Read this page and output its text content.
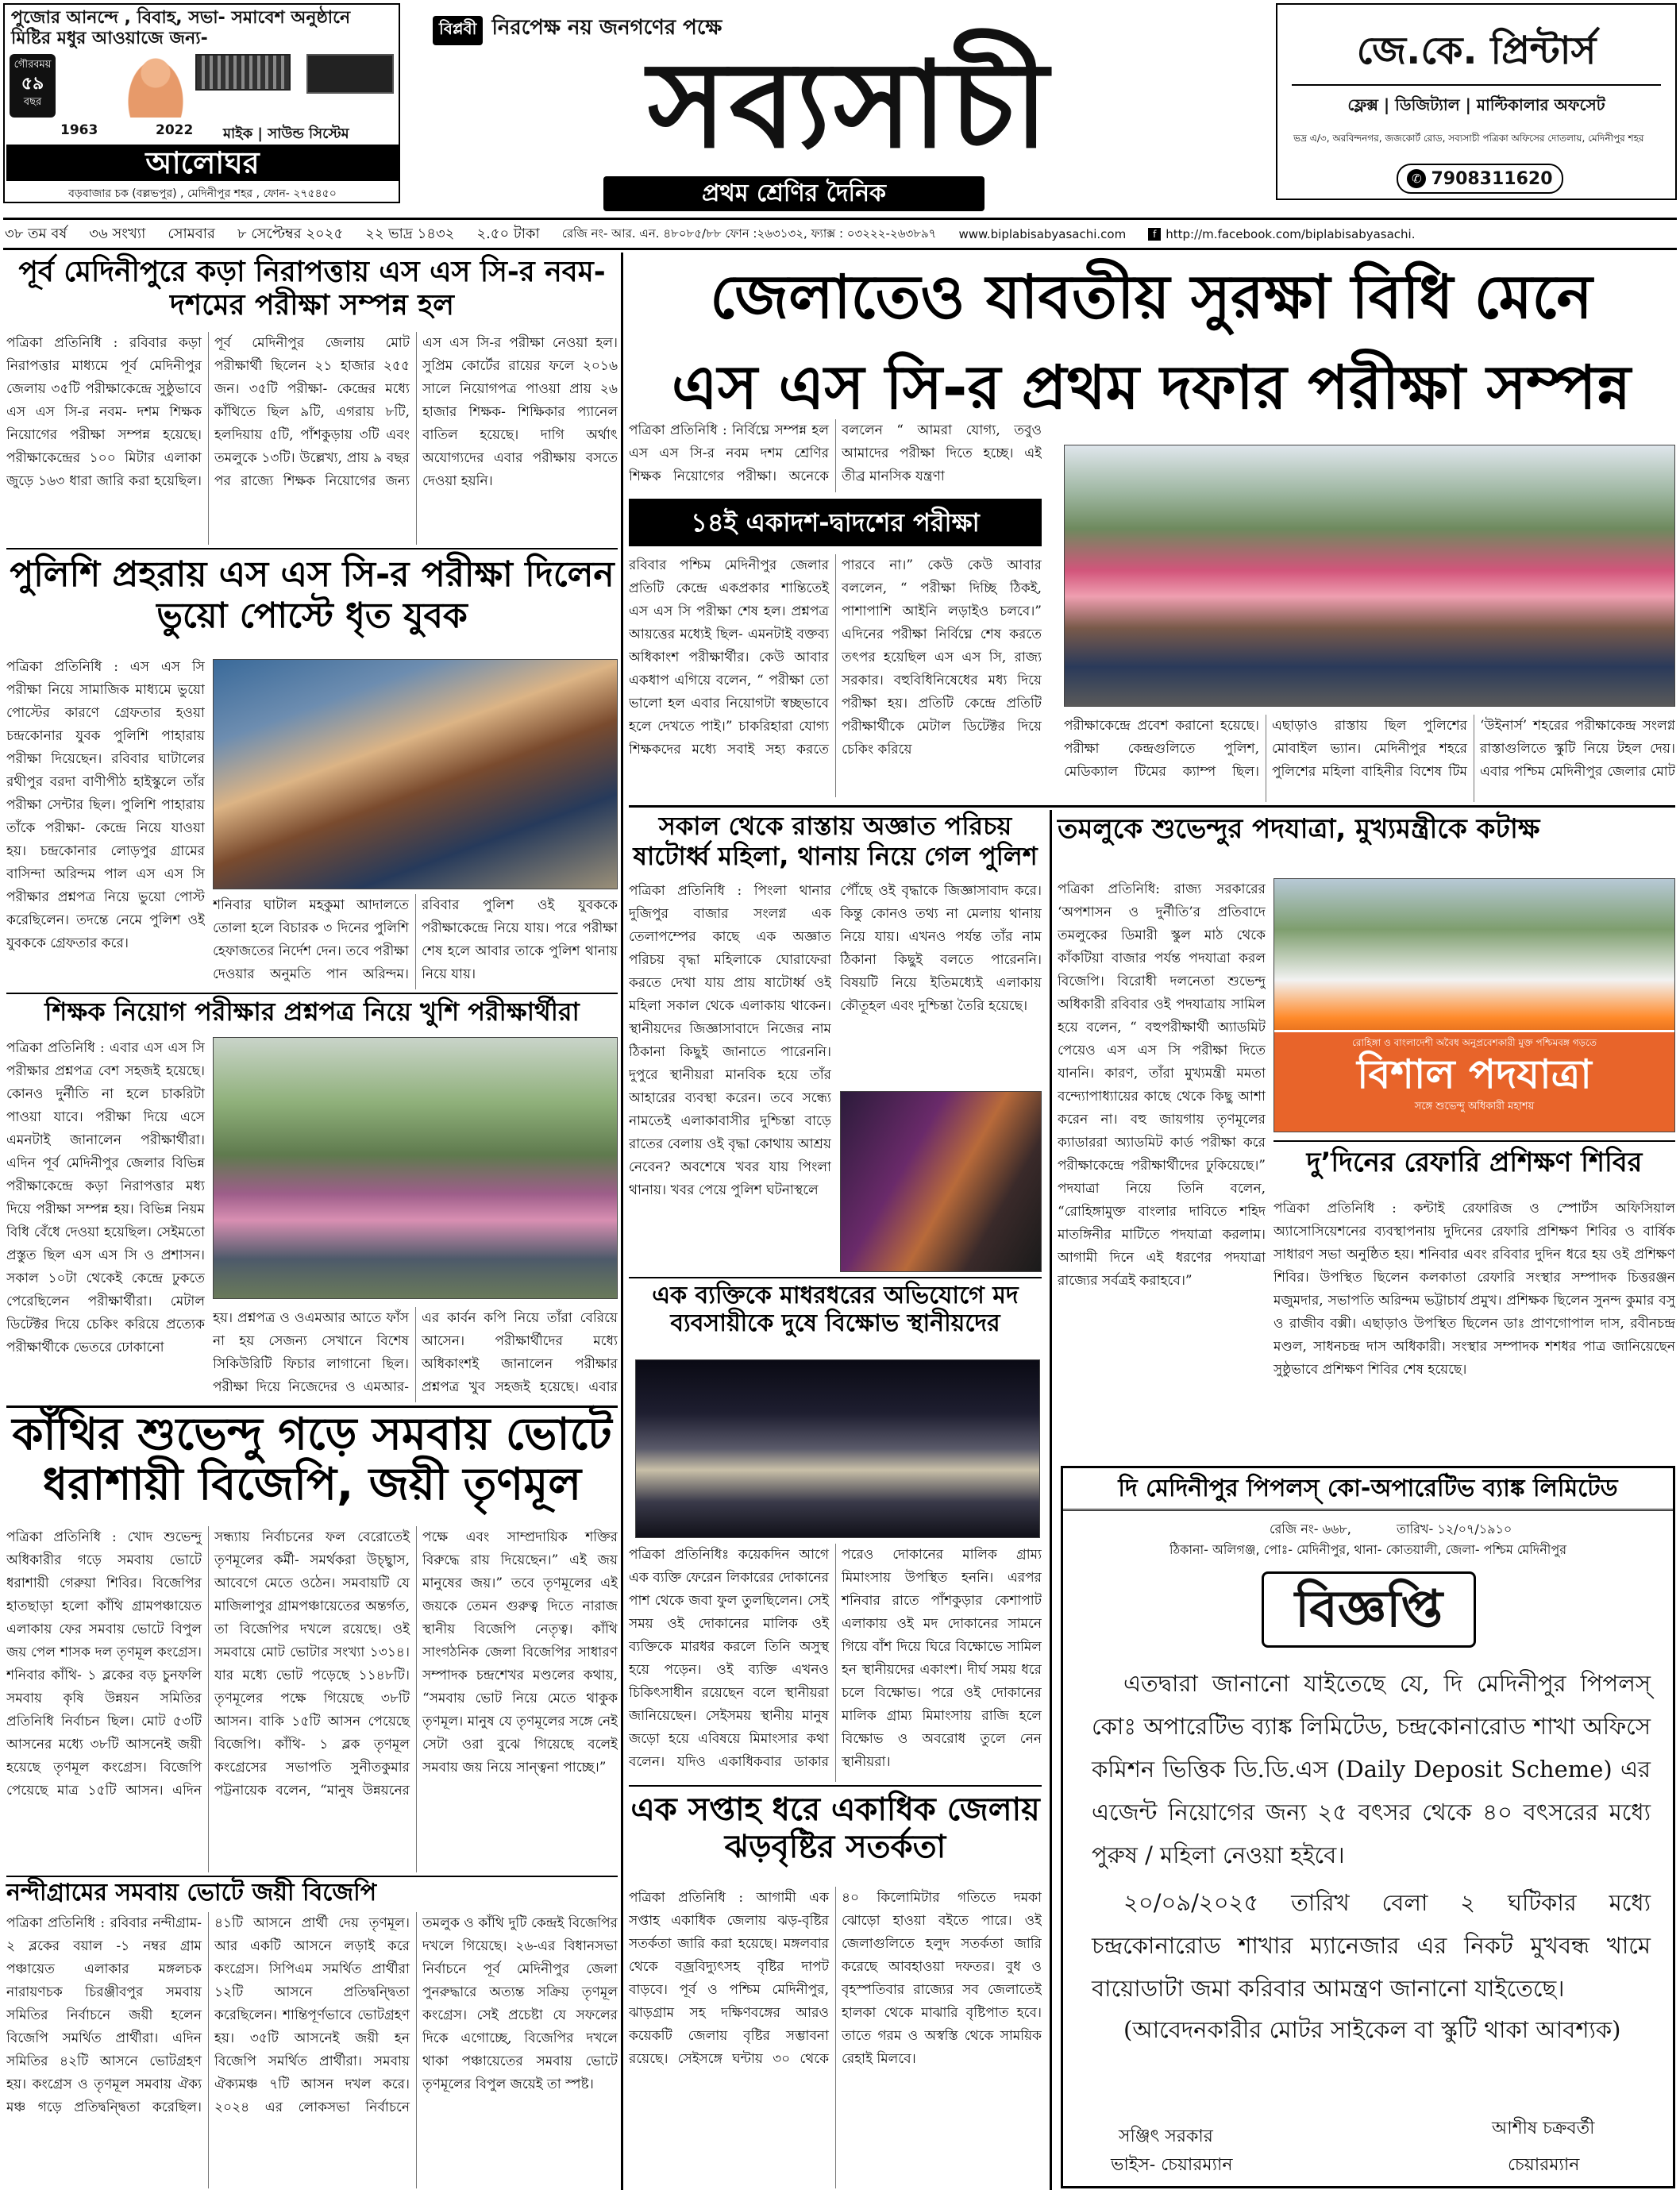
পুজোর আনন্দে , বিবাহ, সভা- সমাবেশ অনুষ্ঠানে মিষ্টির মধুর আওয়াজে জন্য-
গৌরবময়
৫৯
বছর
1963	2022 মাইক | সাউন্ড সিস্টেম
আলোঘর
বড়বাজার চক (বল্লভপুর) , মেদিনীপুর শহর , ফোন- ২৭৫৪৫০
বিপ্লবী নিরপেক্ষ নয় জনগণের পক্ষে
সব্যসাচী
প্রথম শ্রেণির দৈনিক
জে.কে. প্রিন্টার্স
ফ্লেক্স | ডিজিট্যাল | মাল্টিকালার অফসেট
ভদ্র এ/৩, অরবিন্দনগর, জজকোর্ট রোড, সব্যসাচী পত্রিকা অফিসের দোতলায়, মেদিনীপুর শহর
✆ 7908311620
৩৮ তম বর্ষ ৩৬ সংখ্যা সোমবার ৮ সেপ্টেম্বর ২০২৫ ২২ ভাদ্র ১৪৩২ ২.৫০ টাকা রেজি নং- আর. এন. ৪৮০৮৫/৮৮ ফোন :২৬৩১৩২, ফ্যাক্স : ০৩২২২-২৬৩৮৯৭ www.biplabisabyasachi.com	f http://m.facebook.com/biplabisabyasachi.
পূর্ব মেদিনীপুরে কড়া নিরাপত্তায় এস এস সি-র নবম- দশমের পরীক্ষা সম্পন্ন হল
পত্রিকা প্রতিনিধি : রবিবার কড়া নিরাপত্তার মাধ্যমে পূর্ব মেদিনীপুর জেলায় ৩৫টি পরীক্ষাকেন্দ্রে সুষ্ঠুভাবে এস এস সি-র নবম- দশম শিক্ষক নিয়োগের পরীক্ষা সম্পন্ন হয়েছে। পরীক্ষাকেন্দ্রের ১০০ মিটার এলাকা জুড়ে ১৬৩ ধারা জারি করা হয়েছিল। পূর্ব মেদিনীপুর জেলায় মোট পরীক্ষার্থী ছিলেন ২১ হাজার ২৫৫ জন। ৩৫টি পরীক্ষা- কেন্দ্রের মধ্যে কাঁথিতে ছিল ৯টি, এগরায় ৮টি, হলদিয়ায় ৫টি, পাঁশকুড়ায় ৩টি এবং তমলুকে ১৩টি। উল্লেখ্য, প্রায় ৯ বছর পর রাজ্যে শিক্ষক নিয়োগের জন্য এস এস সি-র পরীক্ষা নেওয়া হল। সুপ্রিম কোর্টের রায়ের ফলে ২০১৬ সালে নিয়োগপত্র পাওয়া প্রায় ২৬ হাজার শিক্ষক- শিক্ষিকার প্যানেল বাতিল হয়েছে। দাগি অর্থাৎ অযোগ্যদের এবার পরীক্ষায় বসতে দেওয়া হয়নি।
পুলিশি প্রহরায় এস এস সি-র পরীক্ষা দিলেন ভুয়ো পোস্টে ধৃত যুবক
পত্রিকা প্রতিনিধি : এস এস সি পরীক্ষা নিয়ে সামাজিক মাধ্যমে ভুয়ো পোস্টের কারণে গ্রেফতার হওয়া চন্দ্রকোনার যুবক পুলিশি পাহারায় পরীক্ষা দিয়েছেন। রবিবার ঘাটালের রথীপুর বরদা বাণীপীঠ হাইস্কুলে তাঁর পরীক্ষা সেন্টার ছিল। পুলিশি পাহারায় তাঁকে পরীক্ষা- কেন্দ্রে নিয়ে যাওয়া হয়। চন্দ্রকোনার লোড়পুর গ্রামের বাসিন্দা অরিন্দম পাল এস এস সি পরীক্ষার প্রশ্নপত্র নিয়ে ভুয়ো পোস্ট করেছিলেন। তদন্তে নেমে পুলিশ ওই যুবককে গ্রেফতার করে।
শনিবার ঘাটাল মহকুমা আদালতে তোলা হলে বিচারক ৩ দিনের পুলিশি হেফাজতের নির্দেশ দেন। তবে পরীক্ষা দেওয়ার অনুমতি পান অরিন্দম। রবিবার পুলিশ ওই যুবককে পরীক্ষাকেন্দ্রে নিয়ে যায়। পরে পরীক্ষা শেষ হলে আবার তাকে পুলিশ থানায় নিয়ে যায়।
শিক্ষক নিয়োগ পরীক্ষার প্রশ্নপত্র নিয়ে খুশি পরীক্ষার্থীরা
পত্রিকা প্রতিনিধি : এবার এস এস সি পরীক্ষার প্রশ্নপত্র বেশ সহজই হয়েছে। কোনও দুর্নীতি না হলে চাকরিটা পাওয়া যাবে। পরীক্ষা দিয়ে এসে এমনটাই জানালেন পরীক্ষার্থীরা। এদিন পূর্ব মেদিনীপুর জেলার বিভিন্ন পরীক্ষাকেন্দ্রে কড়া নিরাপত্তার মধ্য দিয়ে পরীক্ষা সম্পন্ন হয়। বিভিন্ন নিয়ম বিধি বেঁধে দেওয়া হয়েছিল। সেইমতো প্রস্তুত ছিল এস এস সি ও প্রশাসন। সকাল ১০টা থেকেই কেন্দ্রে ঢুকতে পেরেছিলেন পরীক্ষার্থীরা। মেটাল ডিটেক্টর দিয়ে চেকিং করিয়ে প্রত্যেক পরীক্ষার্থীকে ভেতরে ঢোকানো
হয়। প্রশ্নপত্র ও ওএমআর আতে ফাঁস না হয় সেজন্য সেখানে বিশেষ সিকিউরিটি ফিচার লাগানো ছিল। পরীক্ষা দিয়ে নিজেদের ও এমআর-এর কার্বন কপি নিয়ে তাঁরা বেরিয়ে আসেন। পরীক্ষার্থীদের মধ্যে অধিকাংশই জানালেন পরীক্ষার প্রশ্নপত্র খুব সহজই হয়েছে। এবার
কাঁথির শুভেন্দু গড়ে সমবায় ভোটে ধরাশায়ী বিজেপি, জয়ী তৃণমূল
পত্রিকা প্রতিনিধি : খোদ শুভেন্দু অধিকারীর গড়ে সমবায় ভোটে ধরাশায়ী গেরুয়া শিবির। বিজেপির হাতছাড়া হলো কাঁথি গ্রামপঞ্চায়েত এলাকায় ফের সমবায় ভোটে বিপুল জয় পেল শাসক দল তৃণমূল কংগ্রেস। শনিবার কাঁথি- ১ ব্লকের বড় চুনফলি সমবায় কৃষি উন্নয়ন সমিতির প্রতিনিধি নির্বাচন ছিল। মোট ৫৩টি আসনের মধ্যে ৩৮টি আসনেই জয়ী হয়েছে তৃণমূল কংগ্রেস। বিজেপি পেয়েছে মাত্র ১৫টি আসন। এদিন সন্ধ্যায় নির্বাচনের ফল বেরোতেই তৃণমূলের কর্মী- সমর্থকরা উচ্ছ্বাস, আবেগে মেতে ওঠেন। সমবায়টি যে মাজিলাপুর গ্রামপঞ্চায়েতের অন্তর্গত, তা বিজেপির দখলে রয়েছে। ওই সমবায়ে মোট ভোটার সংখ্যা ১৩১৪। যার মধ্যে ভোট পড়েছে ১১৪৮টি। তৃণমূলের পক্ষে গিয়েছে ৩৮টি আসন। বাকি ১৫টি আসন পেয়েছে বিজেপি। কাঁথি- ১ ব্লক তৃণমূল কংগ্রেসের সভাপতি সুনীতকুমার পট্টনায়েক বলেন, “মানুষ উন্নয়নের পক্ষে এবং সাম্প্রদায়িক শক্তির বিরুদ্ধে রায় দিয়েছেন।” এই জয় মানুষের জয়।” তবে তৃণমূলের এই জয়কে তেমন গুরুত্ব দিতে নারাজ স্থানীয় বিজেপি নেতৃত্ব। কাঁথি সাংগঠনিক জেলা বিজেপির সাধারণ সম্পাদক চন্দ্রশেখর মণ্ডলের কথায়, “সমবায় ভোট নিয়ে মেতে থাকুক তৃণমূল। মানুষ যে তৃণমূলের সঙ্গে নেই সেটা ওরা বুঝে গিয়েছে বলেই সমবায় জয় নিয়ে সান্ত্বনা পাচ্ছে।”
নন্দীগ্রামের সমবায় ভোটে জয়ী বিজেপি
পত্রিকা প্রতিনিধি : রবিবার নন্দীগ্রাম- ২ ব্লকের বয়াল -১ নম্বর গ্রাম পঞ্চায়েত এলাকার মঙ্গলচক নারায়ণচক চিরঞ্জীবপুর সমবায় সমিতির নির্বাচনে জয়ী হলেন বিজেপি সমর্থিত প্রার্থীরা। এদিন সমিতির ৪২টি আসনে ভোটগ্রহণ হয়। কংগ্রেস ও তৃণমূল সমবায় ঐক্য মঞ্চ গড়ে প্রতিদ্বন্দ্বিতা করেছিল। ৪১টি আসনে প্রার্থী দেয় তৃণমূল। আর একটি আসনে লড়াই করে কংগ্রেস। সিপিএম সমর্থিত প্রার্থীরা ১২টি আসনে প্রতিদ্বন্দ্বিতা করেছিলেন। শান্তিপূর্ণভাবে ভোটগ্রহণ হয়। ৩৫টি আসনেই জয়ী হন বিজেপি সমর্থিত প্রার্থীরা। সমবায় ঐক্যমঞ্চ ৭টি আসন দখল করে। ২০২৪ এর লোকসভা নির্বাচনে তমলুক ও কাঁথি দুটি কেন্দ্রই বিজেপির দখলে গিয়েছে। ২৬-এর বিধানসভা নির্বাচনে পূর্ব মেদিনীপুর জেলা পুনরুদ্ধারে অত্যন্ত সক্রিয় তৃণমূল কংগ্রেস। সেই প্রচেষ্টা যে সফলের দিকে এগোচ্ছে, বিজেপির দখলে থাকা পঞ্চায়েতের সমবায় ভোটে তৃণমূলের বিপুল জয়েই তা স্পষ্ট।
জেলাতেও যাবতীয় সুরক্ষা বিধি মেনে
এস এস সি-র প্রথম দফার পরীক্ষা সম্পন্ন
পত্রিকা প্রতিনিধি : নির্বিঘ্নে সম্পন্ন হল এস এস সি-র নবম দশম শ্রেণির শিক্ষক নিয়োগের পরীক্ষা। অনেকে বললেন “ আমরা যোগ্য, তবুও আমাদের পরীক্ষা দিতে হচ্ছে। এই তীব্র মানসিক যন্ত্রণা
১৪ই একাদশ-দ্বাদশের পরীক্ষা
রবিবার পশ্চিম মেদিনীপুর জেলার প্রতিটি কেন্দ্রে একপ্রকার শান্তিতেই এস এস সি পরীক্ষা শেষ হল। প্রশ্নপত্র আয়ত্তের মধ্যেই ছিল- এমনটাই বক্তব্য অধিকাংশ পরীক্ষার্থীর। কেউ আবার একধাপ এগিয়ে বলেন, “ পরীক্ষা তো ভালো হল এবার নিয়োগটা স্বচ্ছভাবে হলে দেখতে পাই।” চাকরিহারা যোগ্য শিক্ষকদের মধ্যে সবাই সহ্য করতে পারবে না।” কেউ কেউ আবার বললেন, “ পরীক্ষা দিচ্ছি ঠিকই, পাশাপাশি আইনি লড়াইও চলবে।” এদিনের পরীক্ষা নির্বিঘ্নে শেষ করতে তৎপর হয়েছিল এস এস সি, রাজ্য সরকার। বহুবিধিনিষেধের মধ্য দিয়ে পরীক্ষা হয়। প্রতিটি কেন্দ্রে প্রতিটি পরীক্ষার্থীকে মেটাল ডিটেক্টর দিয়ে চেকিং করিয়ে
পরীক্ষাকেন্দ্রে প্রবেশ করানো হয়েছে। পরীক্ষা কেন্দ্রগুলিতে পুলিশ, মেডিক্যাল টিমের ক্যাম্প ছিল। এছাড়াও রাস্তায় ছিল পুলিশের মোবাইল ভ্যান। মেদিনীপুর শহরে পুলিশের মহিলা বাহিনীর বিশেষ টিম ‘উইনার্স’ শহরের পরীক্ষাকেন্দ্র সংলগ্ন রাস্তাগুলিতে স্কুটি নিয়ে টহল দেয়। এবার পশ্চিম মেদিনীপুর জেলার মোট
সকাল থেকে রাস্তায় অজ্ঞাত পরিচয় ষাটোর্ধ্ব মহিলা, থানায় নিয়ে গেল পুলিশ
পত্রিকা প্রতিনিধি : পিংলা থানার দুজিপুর বাজার সংলগ্ন এক তেলাপম্পের কাছে এক অজ্ঞাত পরিচয় বৃদ্ধা মহিলাকে ঘোরাফেরা করতে দেখা যায় প্রায় ষাটোর্ধ্ব ওই মহিলা সকাল থেকে এলাকায় থাকেন। স্থানীয়দের জিজ্ঞাসাবাদে নিজের নাম ঠিকানা কিছুই জানাতে পারেননি। দুপুরে স্থানীয়রা মানবিক হয়ে তাঁর আহারের ব্যবস্থা করেন। তবে সন্ধ্যে নামতেই এলাকাবাসীর দুশ্চিন্তা বাড়ে রাতের বেলায় ওই বৃদ্ধা কোথায় আশ্রয় নেবেন? অবশেষে খবর যায় পিংলা থানায়। খবর পেয়ে পুলিশ ঘটনাস্থলে
পৌঁছে ওই বৃদ্ধাকে জিজ্ঞাসাবাদ করে। কিন্তু কোনও তথ্য না মেলায় থানায় নিয়ে যায়। এখনও পর্যন্ত তাঁর নাম ঠিকানা কিছুই বলতে পারেননি। বিষয়টি নিয়ে ইতিমধ্যেই এলাকায় কৌতূহল এবং দুশ্চিন্তা তৈরি হয়েছে।
এক ব্যক্তিকে মাধরধরের অভিযোগে মদ ব্যবসায়ীকে দুষে বিক্ষোভ স্থানীয়দের
পত্রিকা প্রতিনিধিঃ কয়েকদিন আগে এক ব্যক্তি ফেরেন লিকারের দোকানের পাশ থেকে জবা ফুল তুলছিলেন। সেই সময় ওই দোকানের মালিক ওই ব্যক্তিকে মারধর করলে তিনি অসুস্থ হয়ে পড়েন। ওই ব্যক্তি এখনও চিকিৎসাধীন রয়েছেন বলে স্থানীয়রা জানিয়েছেন। সেইসময় স্থানীয় মানুষ জড়ো হয়ে এবিষয়ে মিমাংসার কথা বলেন। যদিও একাধিকবার ডাকার পরেও দোকানের মালিক গ্রাম্য মিমাংসায় উপস্থিত হননি। এরপর শনিবার রাতে পাঁশকুড়ার কেশাপাট এলাকায় ওই মদ দোকানের সামনে গিয়ে বাঁশ দিয়ে ঘিরে বিক্ষোভে সামিল হন স্থানীয়দের একাংশ। দীর্ঘ সময় ধরে চলে বিক্ষোভ। পরে ওই দোকানের মালিক গ্রাম্য মিমাংসায় রাজি হলে বিক্ষোভ ও অবরোধ তুলে নেন স্থানীয়রা।
এক সপ্তাহ ধরে একাধিক জেলায় ঝড়বৃষ্টির সতর্কতা
পত্রিকা প্রতিনিধি : আগামী এক সপ্তাহ একাধিক জেলায় ঝড়-বৃষ্টির সতর্কতা জারি করা হয়েছে। মঙ্গলবার থেকে বজ্রবিদ্যুৎসহ বৃষ্টির দাপট বাড়বে। পূর্ব ও পশ্চিম মেদিনীপুর, ঝাড়গ্রাম সহ দক্ষিণবঙ্গের আরও কয়েকটি জেলায় বৃষ্টির সম্ভাবনা রয়েছে। সেইসঙ্গে ঘন্টায় ৩০ থেকে ৪০ কিলোমিটার গতিতে দমকা ঝোড়ো হাওয়া বইতে পারে। ওই জেলাগুলিতে হলুদ সতর্কতা জারি করেছে আবহাওয়া দফতর। বুধ ও বৃহস্পতিবার রাজ্যের সব জেলাতেই হালকা থেকে মাঝারি বৃষ্টিপাত হবে। তাতে গরম ও অস্বস্তি থেকে সাময়িক রেহাই মিলবে।
তমলুকে শুভেন্দুর পদযাত্রা, মুখ্যমন্ত্রীকে কটাক্ষ
পত্রিকা প্রতিনিধি: রাজ্য সরকারের ‘অপশাসন ও দুর্নীতি’র প্রতিবাদে তমলুকের ডিমারী স্কুল মাঠ থেকে কাঁকটিয়া বাজার পর্যন্ত পদযাত্রা করল বিজেপি। বিরোধী দলনেতা শুভেন্দু অধিকারী রবিবার ওই পদযাত্রায় সামিল হয়ে বলেন, “ বহুপরীক্ষার্থী অ্যাডমিট পেয়েও এস এস সি পরীক্ষা দিতে যাননি। কারণ, তাঁরা মুখ্যমন্ত্রী মমতা বন্দ্যোপাধ্যায়ের কাছে থেকে কিছু আশা করেন না। বহু জায়গায় তৃণমূলের ক্যাডাররা অ্যাডমিট কার্ড পরীক্ষা করে পরীক্ষাকেন্দ্রে পরীক্ষার্থীদের ঢুকিয়েছে।” পদযাত্রা নিয়ে তিনি বলেন, “রোহিঙ্গামুক্ত বাংলার দাবিতে শহিদ মাতঙ্গিনীর মাটিতে পদযাত্রা করলাম। আগামী দিনে এই ধরণের পদযাত্রা রাজ্যের সর্বত্রই করাহবে।”
রোহিঙ্গা ও বাংলাদেশী অবৈধ অনুপ্রবেশকারী মুক্ত পশ্চিমবঙ্গ গড়তে
বিশাল পদযাত্রা
সঙ্গে শুভেন্দু অধিকারী মহাশয়
দু’দিনের রেফারি প্রশিক্ষণ শিবির
পত্রিকা প্রতিনিধি : কন্টাই রেফারিজ ও স্পোর্টস অফিসিয়াল অ্যাসোসিয়েশনের ব্যবস্থাপনায় দুদিনের রেফারি প্রশিক্ষণ শিবির ও বার্ষিক সাধারণ সভা অনুষ্ঠিত হয়। শনিবার এবং রবিবার দুদিন ধরে হয় ওই প্রশিক্ষণ শিবির। উপস্থিত ছিলেন কলকাতা রেফারি সংস্থার সম্পাদক চিত্তরঞ্জন মজুমদার, সভাপতি অরিন্দম ভট্টাচার্য প্রমুখ। প্রশিক্ষক ছিলেন সুনন্দ কুমার বসু ও রাজীব বক্সী। এছাড়াও উপস্থিত ছিলেন ডাঃ প্রাণগোপাল দাস, রবীনচন্দ্র মণ্ডল, সাধনচন্দ্র দাস অধিকারী। সংস্থার সম্পাদক শশধর পাত্র জানিয়েছেন সুষ্ঠুভাবে প্রশিক্ষণ শিবির শেষ হয়েছে।
দি মেদিনীপুর পিপলস্ কো-অপারেটিভ ব্যাঙ্ক লিমিটেড
রেজি নং- ৬৬৮,	তারিখ- ১২/০৭/১৯১০
ঠিকানা- অলিগঞ্জ, পোঃ- মেদিনীপুর, থানা- কোতয়ালী, জেলা- পশ্চিম মেদিনীপুর
বিজ্ঞপ্তি
এতদ্বারা জানানো যাইতেছে যে, দি মেদিনীপুর পিপলস্ কোঃ অপারেটিভ ব্যাঙ্ক লিমিটেড, চন্দ্রকোনারোড শাখা অফিসে কমিশন ভিত্তিক ডি.ডি.এস (Daily Deposit Scheme) এর এজেন্ট নিয়োগের জন্য ২৫ বৎসর থেকে ৪০ বৎসরের মধ্যে পুরুষ / মহিলা নেওয়া হইবে।
২০/০৯/২০২৫ তারিখ বেলা ২ ঘটিকার মধ্যে চন্দ্রকোনারোড শাখার ম্যানেজার এর নিকট মুখবন্ধ খামে বায়োডাটা জমা করিবার আমন্ত্রণ জানানো যাইতেছে।
(আবেদনকারীর মোটর সাইকেল বা স্কুটি থাকা আবশ্যক)
সঞ্জিৎ সরকার
ভাইস- চেয়ারম্যান
আশীষ চক্রবর্তী
চেয়ারম্যান
